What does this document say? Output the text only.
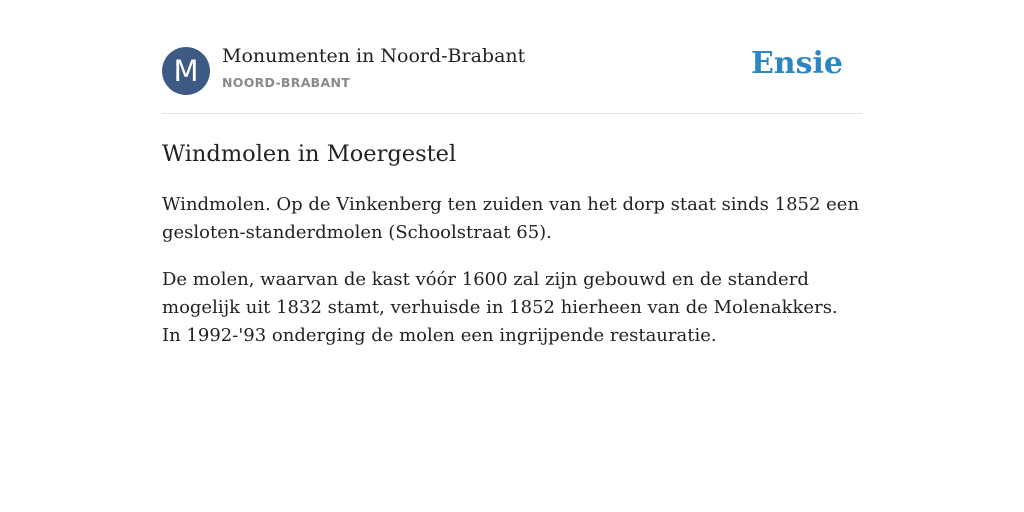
M	Monumenten in Noord-Brabant
NOORD-BRABANT
Ensie
Windmolen in Moergestel

Windmolen. Op de Vinkenberg ten zuiden van het dorp staat sinds 1852 een gesloten-standerdmolen (Schoolstraat 65).

De molen, waarvan de kast vóór 1600 zal zijn gebouwd en de standerd mogelijk uit 1832 stamt, verhuisde in 1852 hierheen van de Molenakkers. In 1992-'93 onderging de molen een ingrijpende restauratie.
